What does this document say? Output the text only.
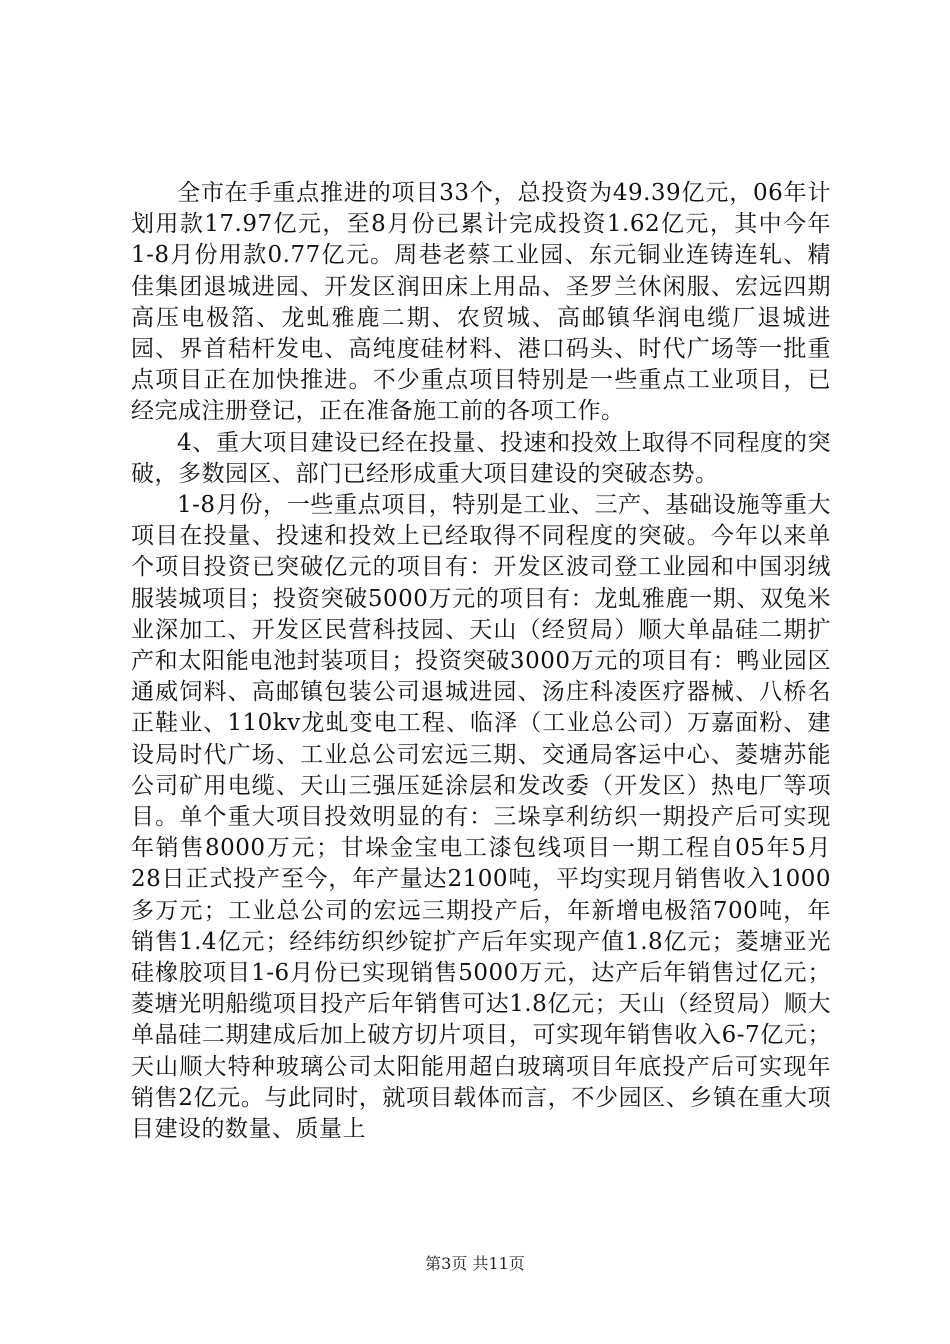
全市在手重点推进的项目33个，总投资为49.39亿元，06年计划用款17.97亿元，至8月份已累计完成投资1.62亿元，其中今年1-8月份用款0.77亿元。周巷老蔡工业园、东元铜业连铸连轧、精佳集团退城进园、开发区润田床上用品、圣罗兰休闲服、宏远四期高压电极箔、龙虬雅鹿二期、农贸城、高邮镇华润电缆厂退城进园、界首秸杆发电、高纯度硅材料、港口码头、时代广场等一批重点项目正在加快推进。不少重点项目特别是一些重点工业项目，已经完成注册登记，正在准备施工前的各项工作。

4、重大项目建设已经在投量、投速和投效上取得不同程度的突破，多数园区、部门已经形成重大项目建设的突破态势。

1-8月份，一些重点项目，特别是工业、三产、基础设施等重大项目在投量、投速和投效上已经取得不同程度的突破。今年以来单个项目投资已突破亿元的项目有：开发区波司登工业园和中国羽绒服装城项目；投资突破5000万元的项目有：龙虬雅鹿一期、双兔米业深加工、开发区民营科技园、天山（经贸局）顺大单晶硅二期扩产和太阳能电池封装项目；投资突破3000万元的项目有：鸭业园区通威饲料、高邮镇包装公司退城进园、汤庄科凌医疗器械、八桥名正鞋业、110kv龙虬变电工程、临泽（工业总公司）万嘉面粉、建设局时代广场、工业总公司宏远三期、交通局客运中心、菱塘苏能公司矿用电缆、天山三强压延涂层和发改委（开发区）热电厂等项目。单个重大项目投效明显的有：三垛享利纺织一期投产后可实现年销售8000万元；甘垛金宝电工漆包线项目一期工程自05年5月28日正式投产至今，年产量达2100吨，平均实现月销售收入1000多万元；工业总公司的宏远三期投产后，年新增电极箔700吨，年销售1.4亿元；经纬纺织纱锭扩产后年实现产值1.8亿元；菱塘亚光硅橡胶项目1-6月份已实现销售5000万元，达产后年销售过亿元；菱塘光明船缆项目投产后年销售可达1.8亿元；天山（经贸局）顺大单晶硅二期建成后加上破方切片项目，可实现年销售收入6-7亿元；天山顺大特种玻璃公司太阳能用超白玻璃项目年底投产后可实现年销售2亿元。与此同时，就项目载体而言，不少园区、乡镇在重大项目建设的数量、质量上

第3页 共11页
